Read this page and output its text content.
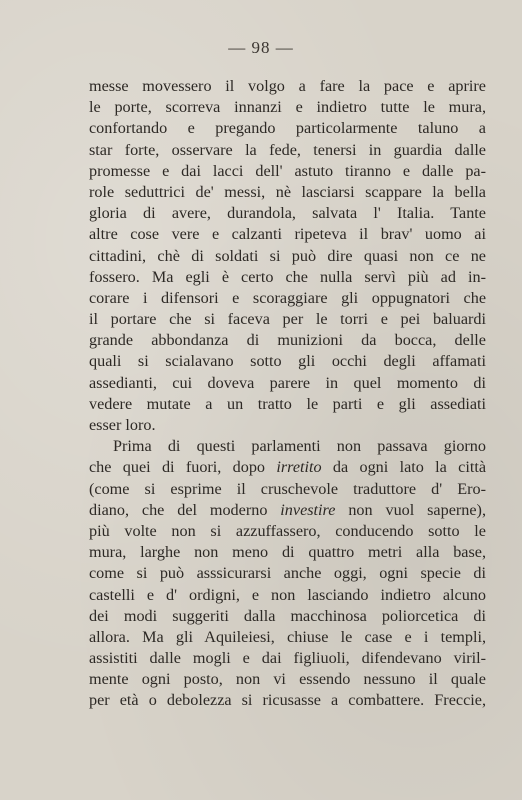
— 98 —
messe movessero il volgo a fare la pace e aprire
le porte, scorreva innanzi e indietro tutte le mura,
confortando e pregando particolarmente taluno a
star forte, osservare la fede, tenersi in guardia dalle
promesse e dai lacci dell' astuto tiranno e dalle pa-
role seduttrici de' messi, nè lasciarsi scappare la bella
gloria di avere, durandola, salvata l' Italia. Tante
altre cose vere e calzanti ripeteva il brav' uomo ai
cittadini, chè di soldati si può dire quasi non ce ne
fossero. Ma egli è certo che nulla servì più ad in-
corare i difensori e scoraggiare gli oppugnatori che
il portare che si faceva per le torri e pei baluardi
grande abbondanza di munizioni da bocca, delle
quali si scialavano sotto gli occhi degli affamati
assedianti, cui doveva parere in quel momento di
vedere mutate a un tratto le parti e gli assediati
esser loro.
Prima di questi parlamenti non passava giorno
che quei di fuori, dopo irretito da ogni lato la città
(come si esprime il cruschevole traduttore d' Ero-
diano, che del moderno investire non vuol saperne),
più volte non si azzuffassero, conducendo sotto le
mura, larghe non meno di quattro metri alla base,
come si può asssicurarsi anche oggi, ogni specie di
castelli e d' ordigni, e non lasciando indietro alcuno
dei modi suggeriti dalla macchinosa poliorcetica di
allora. Ma gli Aquileiesi, chiuse le case e i templi,
assistiti dalle mogli e dai figliuoli, difendevano viril-
mente ogni posto, non vi essendo nessuno il quale
per età o debolezza si ricusasse a combattere. Freccie,
